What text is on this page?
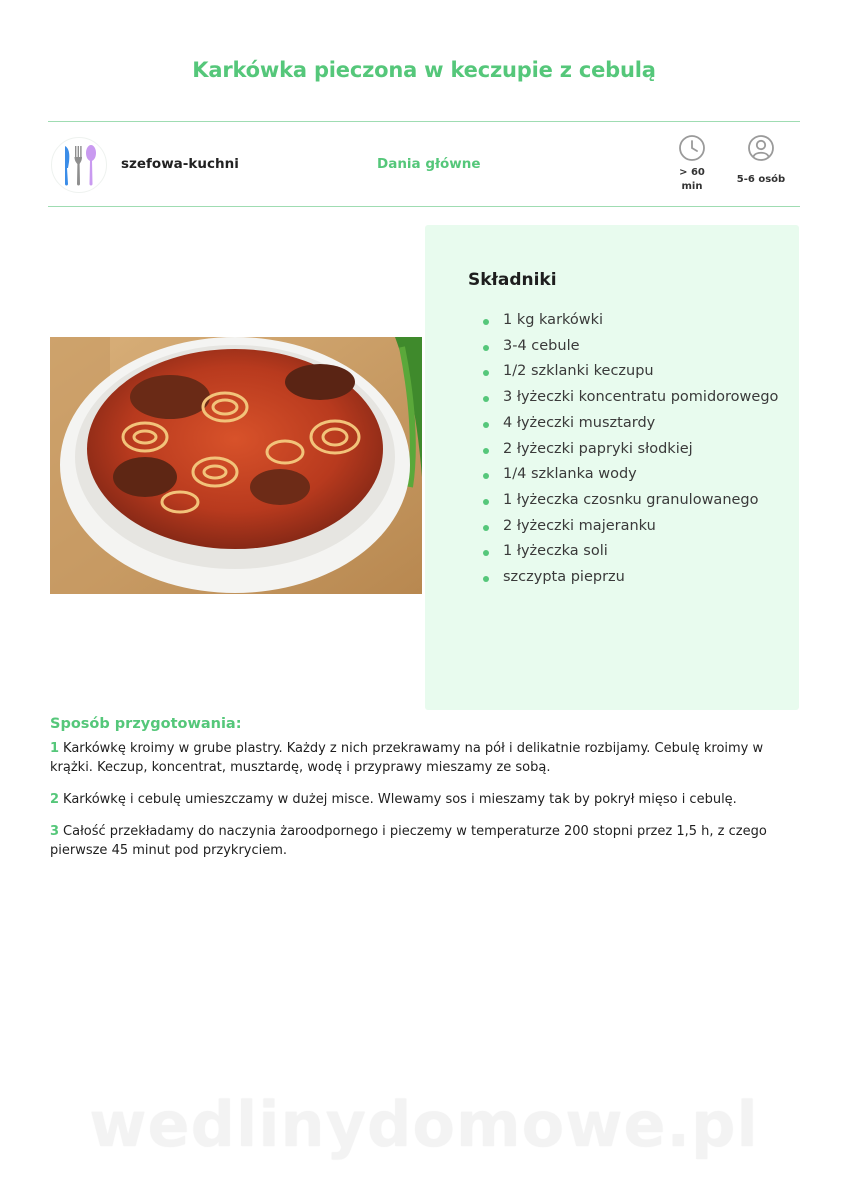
Karkówka pieczona w keczupie z cebulą
szefowa-kuchni	Dania główne
> 60
min
5-6 osób
Składniki
1 kg karkówki
3-4 cebule
1/2 szklanki keczupu
3 łyżeczki koncentratu pomidorowego
4 łyżeczki musztardy
2 łyżeczki papryki słodkiej
1/4 szklanka wody
1 łyżeczka czosnku granulowanego
2 łyżeczki majeranku
1 łyżeczka soli
szczypta pieprzu
Sposób przygotowania:
1 Karkówkę kroimy w grube plastry. Każdy z nich przekrawamy na pół i delikatnie rozbijamy. Cebulę kroimy w krążki. Keczup, koncentrat, musztardę, wodę i przyprawy mieszamy ze sobą.
2 Karkówkę i cebulę umieszczamy w dużej misce. Wlewamy sos i mieszamy tak by pokrył mięso i cebulę.
3 Całość przekładamy do naczynia żaroodpornego i pieczemy w temperaturze 200 stopni przez 1,5 h, z czego pierwsze 45 minut pod przykryciem.
wedlinydomowe.pl
